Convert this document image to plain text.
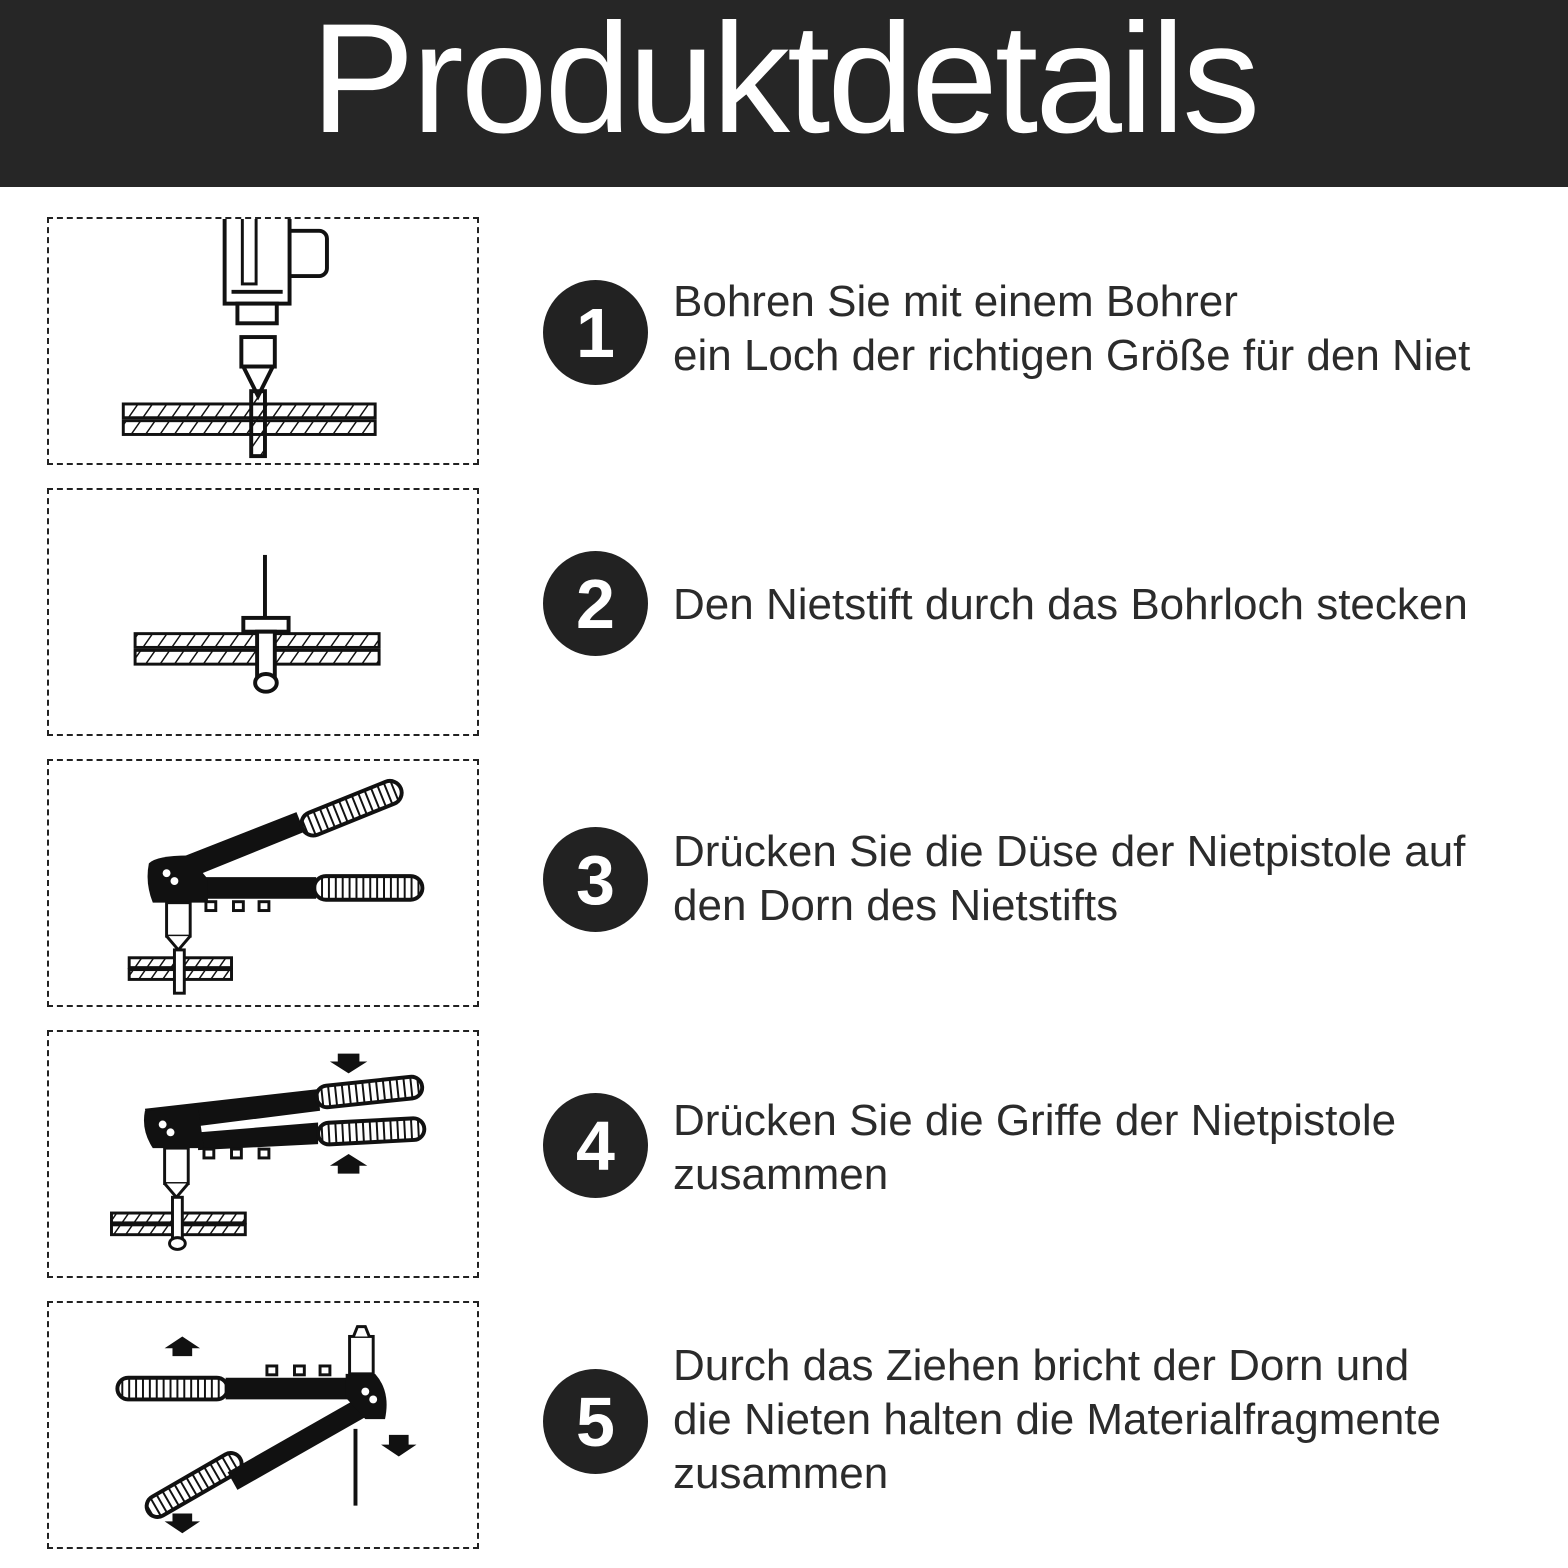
Produktdetails
1	Bohren Sie mit einem Bohrer
ein Loch der richtigen Größe für den Niet
2	Den Nietstift durch das Bohrloch stecken
3	Drücken Sie die Düse der Nietpistole auf
den Dorn des Nietstifts
4	Drücken Sie die Griffe der Nietpistole
zusammen
5
Durch das Ziehen bricht der Dorn und
die Nieten halten die Materialfragmente
zusammen
